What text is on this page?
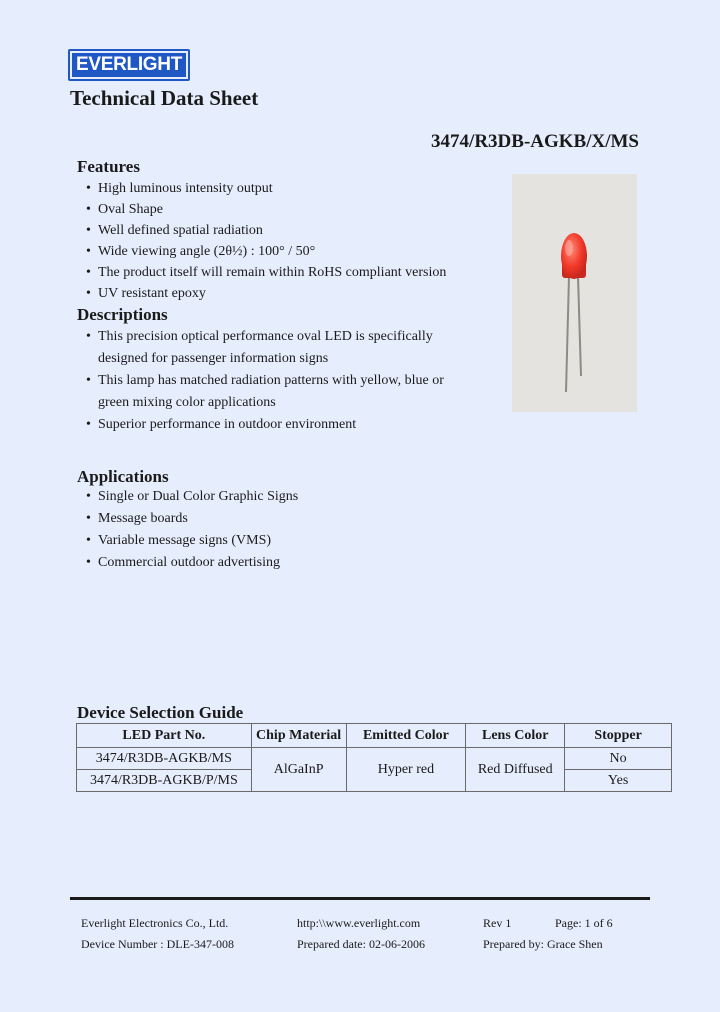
EVERLIGHT
Technical Data Sheet
3474/R3DB-AGKB/X/MS
Features
• High luminous intensity output
• Oval Shape
• Well defined spatial radiation
• Wide viewing angle (2θ½) : 100° / 50°
• The product itself will remain within RoHS compliant version
• UV resistant epoxy
Descriptions
• This precision optical performance oval LED is specifically designed for passenger information signs
• This lamp has matched radiation patterns with yellow, blue or green mixing color applications
• Superior performance in outdoor environment
Applications
• Single or Dual Color Graphic Signs
• Message boards
• Variable message signs (VMS)
• Commercial outdoor advertising
Device Selection Guide
LED Part No.	Chip Material	Emitted Color	Lens Color	Stopper
3474/R3DB-AGKB/MS	AlGaInP	Hyper red	Red Diffused	No
3474/R3DB-AGKB/P/MS				Yes
Everlight Electronics Co., Ltd.	http:\\www.everlight.com	Rev 1	Page: 1 of 6
Device Number : DLE-347-008	Prepared date: 02-06-2006	Prepared by: Grace Shen
